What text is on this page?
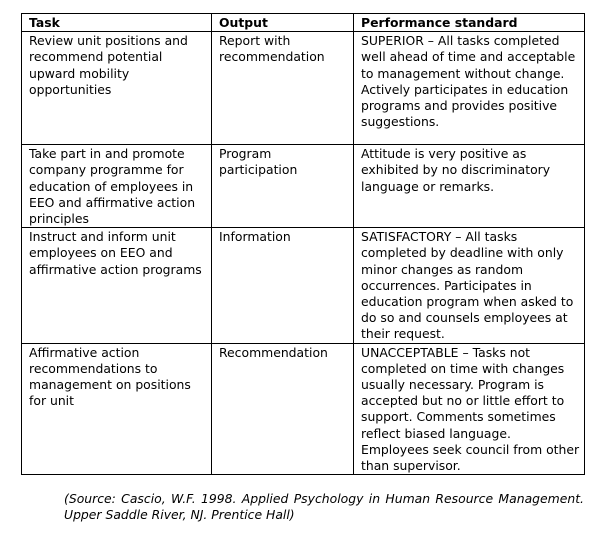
Task	Output	Performance standard
Review unit positions and recommend potential upward mobility opportunities	Report with recommendation	SUPERIOR – All tasks completed well ahead of time and acceptable to management without change. Actively participates in education programs and provides positive suggestions.
Take part in and promote company programme for education of employees in EEO and affirmative action principles	Program participation	Attitude is very positive as exhibited by no discriminatory language or remarks.
Instruct and inform unit employees on EEO and affirmative action programs	Information	SATISFACTORY – All tasks completed by deadline with only minor changes as random occurrences. Participates in education program when asked to do so and counsels employees at their request.
Affirmative action recommendations to management on positions for unit	Recommendation	UNACCEPTABLE – Tasks not completed on time with changes usually necessary. Program is accepted but no or little effort to support. Comments sometimes reflect biased language. Employees seek council from other than supervisor.
(Source: Cascio, W.F. 1998. Applied Psychology in Human Resource Management. Upper Saddle River, NJ. Prentice Hall)
